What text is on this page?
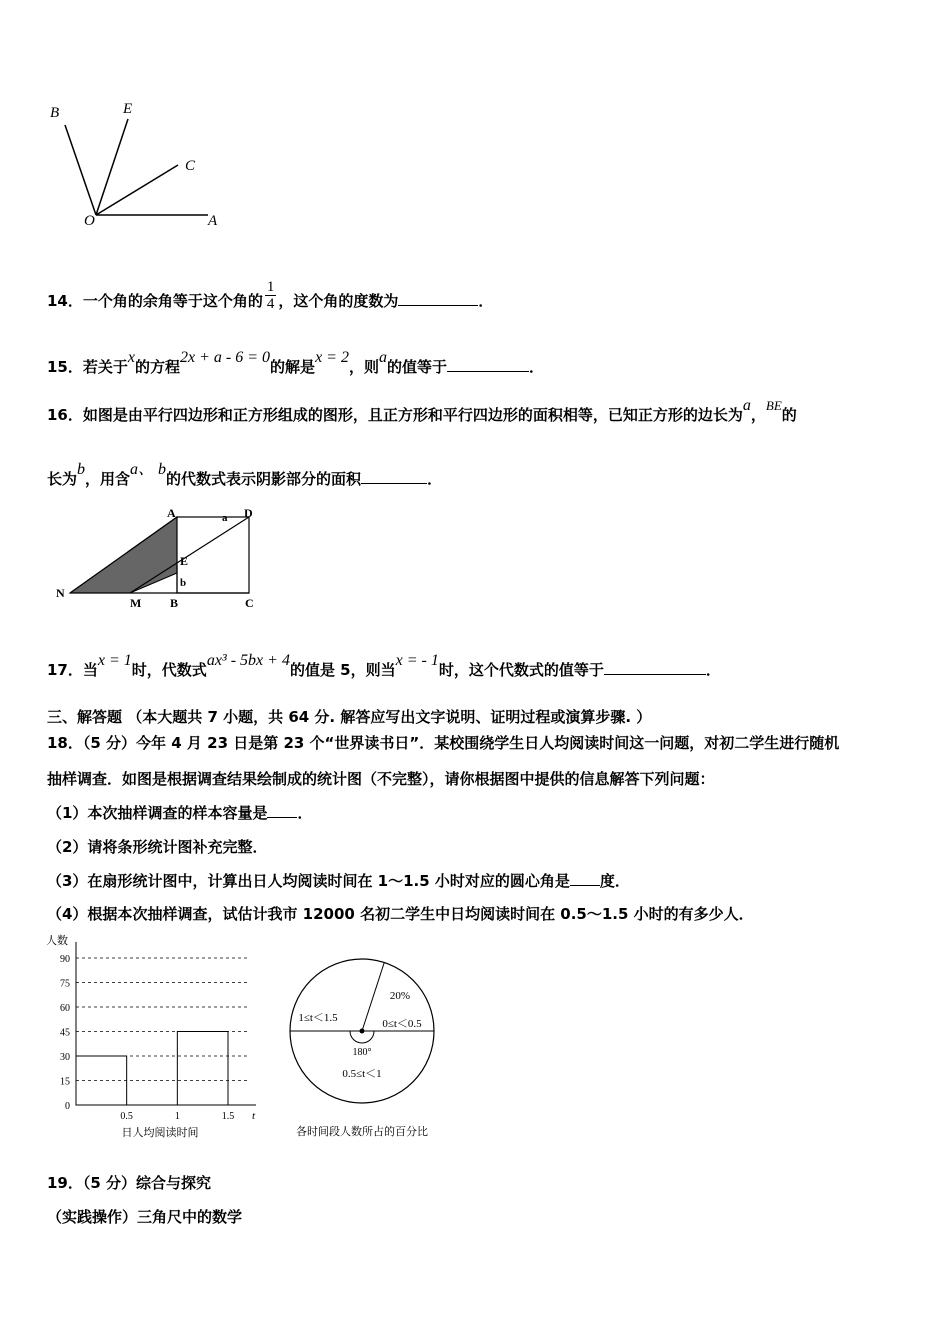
B	E
C
O	A
14．一个角的余角等于这个角的 $\frac{1}{4}$ ，这个角的度数为	．
15．若关于x的方程2x + a - 6 = 0的解是x = 2，则a的值等于	．
16．如图是由平行四边形和正方形组成的图形，且正方形和平行四边形的面积相等，已知正方形的边长为a，BE的
长为b，用含a、 b的代数式表示阴影部分的面积	．
A	D
a
E
b
N
M B	C
17．当x = 1时，代数式ax³ - 5bx + 4的值是 5，则当x = - 1时，这个代数式的值等于	．
三、解答题 （本大题共 7 小题，共 64 分. 解答应写出文字说明、证明过程或演算步骤. ）
18．（5 分）今年 4 月 23 日是第 23 个“世界读书日”．某校围绕学生日人均阅读时间这一问题，对初二学生进行随机
抽样调查．如图是根据调查结果绘制成的统计图（不完整），请你根据图中提供的信息解答下列问题：
（1）本次抽样调查的样本容量是 ．
（2）请将条形统计图补充完整．
（3）在扇形统计图中，计算出日人均阅读时间在 1～1.5 小时对应的圆心角是 度．
（4）根据本次抽样调查，试估计我市 12000 名初二学生中日均阅读时间在 0.5～1.5 小时的有多少人．
0
15
30
45
60
75
90
人数
t
0.5	1	1.5
日人均阅读时间
20%
0≤t＜0.5
1≤t＜1.5
180°
0.5≤t＜1
各时间段人数所占的百分比
19．（5 分）综合与探究
（实践操作）三角尺中的数学
